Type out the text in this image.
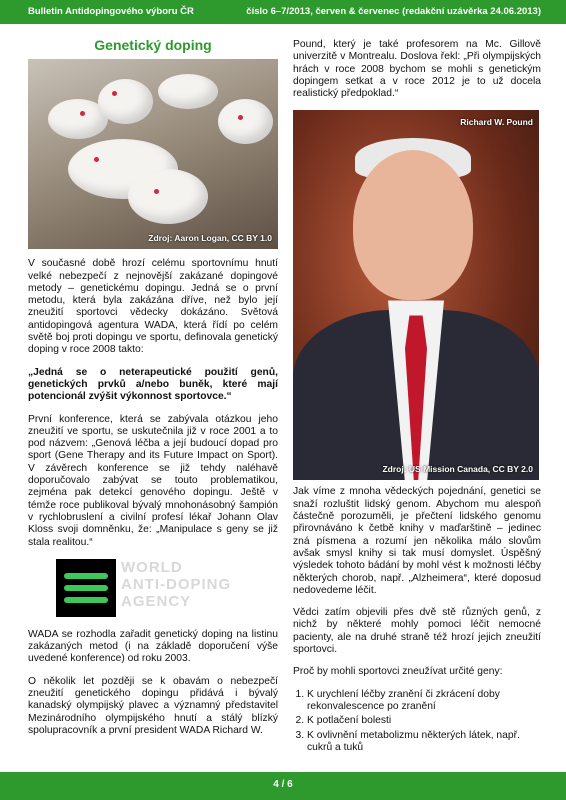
Bulletin Antidopingového výboru ČR	číslo 6–7/2013, červen & červenec (redakční uzávěrka 24.06.2013)
Genetický doping
Zdroj: Aaron Logan, CC BY 1.0

V současné době hrozí celému sportovnímu hnutí velké nebezpečí z nejnovější zakázané dopingové metody – genetickému dopingu. Jedná se o první metodu, která byla zakázána dříve, než bylo její zneužití sportovci vědecky dokázáno. Světová antidopingová agentura WADA, která řídí po celém světě boj proti dopingu ve sportu, definovala genetický doping v roce 2008 takto:

„Jedná se o neterapeutické použití genů, genetických prvků a/nebo buněk, které mají potencionál zvýšit výkonnost sportovce.“

První konference, která se zabývala otázkou jeho zneužití ve sportu, se uskutečnila již v roce 2001 a to pod názvem: „Genová léčba a její budoucí dopad pro sport (Gene Therapy and its Future Impact on Sport). V závěrech konference se již tehdy naléhavě doporučovalo zabývat se touto problematikou, zejména pak detekcí genového dopingu. Ještě v témže roce publikoval bývalý mnohonásobný šampión v rychlobruslení a civilní profesí lékař Johann Olav Kloss svoji domněnku, že: „Manipulace s geny se již stala realitou.“

WORLD
ANTI-DOPING
AGENCY

WADA se rozhodla zařadit genetický doping na listinu zakázaných metod (i na základě doporučení výše uvedené konference) od roku 2003.

O několik let později se k obavám o nebezpečí zneužití genetického dopingu přidává i bývalý kanadský olympijský plavec a významný představitel Mezinárodního olympijského hnutí a stálý blízký spolupracovník a první president WADA Richard W.

Pound, který je také profesorem na Mc. Gillově univerzitě v Montrealu. Doslova řekl: „Při olympijských hrách v roce 2008 bychom se mohli s genetickým dopingem setkat a v roce 2012 je to už docela realistický předpoklad.“

Richard W. Pound
Zdroj: US Mission Canada, CC BY 2.0

Jak víme z mnoha vědeckých pojednání, genetici se snaží rozluštit lidský genom. Abychom mu alespoň částečně porozuměli, je přečtení lidského genomu přirovnáváno k četbě knihy v maďarštině – jedinec zná písmena a rozumí jen několika málo slovům avšak smysl knihy si tak musí domyslet. Úspěšný výsledek tohoto bádání by mohl vést k možnosti léčby některých chorob, např. „Alzheimera“, které doposud nedovedeme léčit.

Vědci zatím objevili přes dvě stě různých genů, z nichž by některé mohly pomoci léčit nemocné pacienty, ale na druhé straně též hrozí jejich zneužití sportovci.

Proč by mohli sportovci zneužívat určité geny:

1. K urychlení léčby zranění či zkrácení doby rekonvalescence po zranění
2. K potlačení bolesti
3. K ovlivnění metabolizmu některých látek, např. cukrů a tuků
4 / 6
